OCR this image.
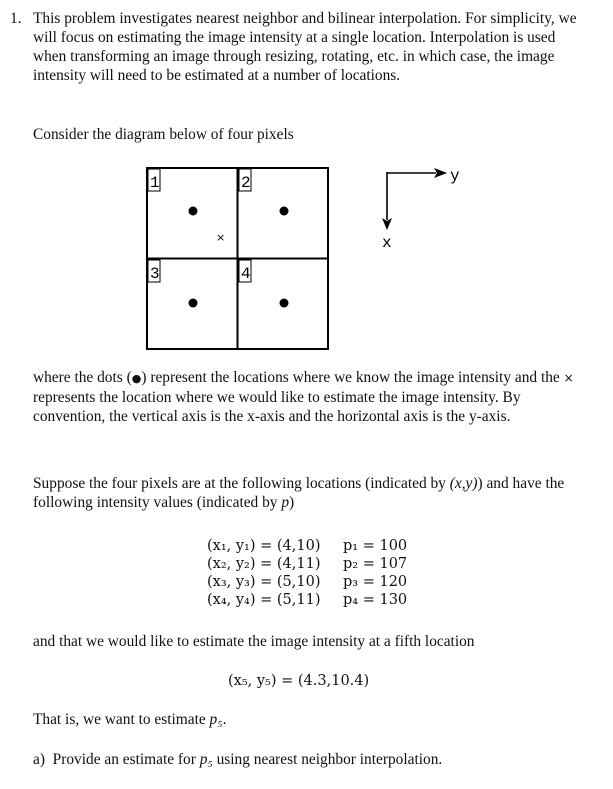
1. This problem investigates nearest neighbor and bilinear interpolation. For simplicity, we will focus on estimating the image intensity at a single location. Interpolation is used when transforming an image through resizing, rotating, etc. in which case, the image intensity will need to be estimated at a number of locations.

Consider the diagram below of four pixels

1	2
3	4
×
y
x

where the dots (●) represent the locations where we know the image intensity and the × represents the location where we would like to estimate the image intensity. By convention, the vertical axis is the x-axis and the horizontal axis is the y-axis.

Suppose the four pixels are at the following locations (indicated by (x,y)) and have the following intensity values (indicated by p)

(x₁, y₁) = (4,10)
(x₂, y₂) = (4,11)
(x₃, y₃) = (5,10)
(x₄, y₄) = (5,11)
p₁ = 100
p₂ = 107
p₃ = 120
p₄ = 130

and that we would like to estimate the image intensity at a fifth location

(x₅, y₅) = (4.3,10.4)

That is, we want to estimate p₅.

a) Provide an estimate for p₅ using nearest neighbor interpolation.
